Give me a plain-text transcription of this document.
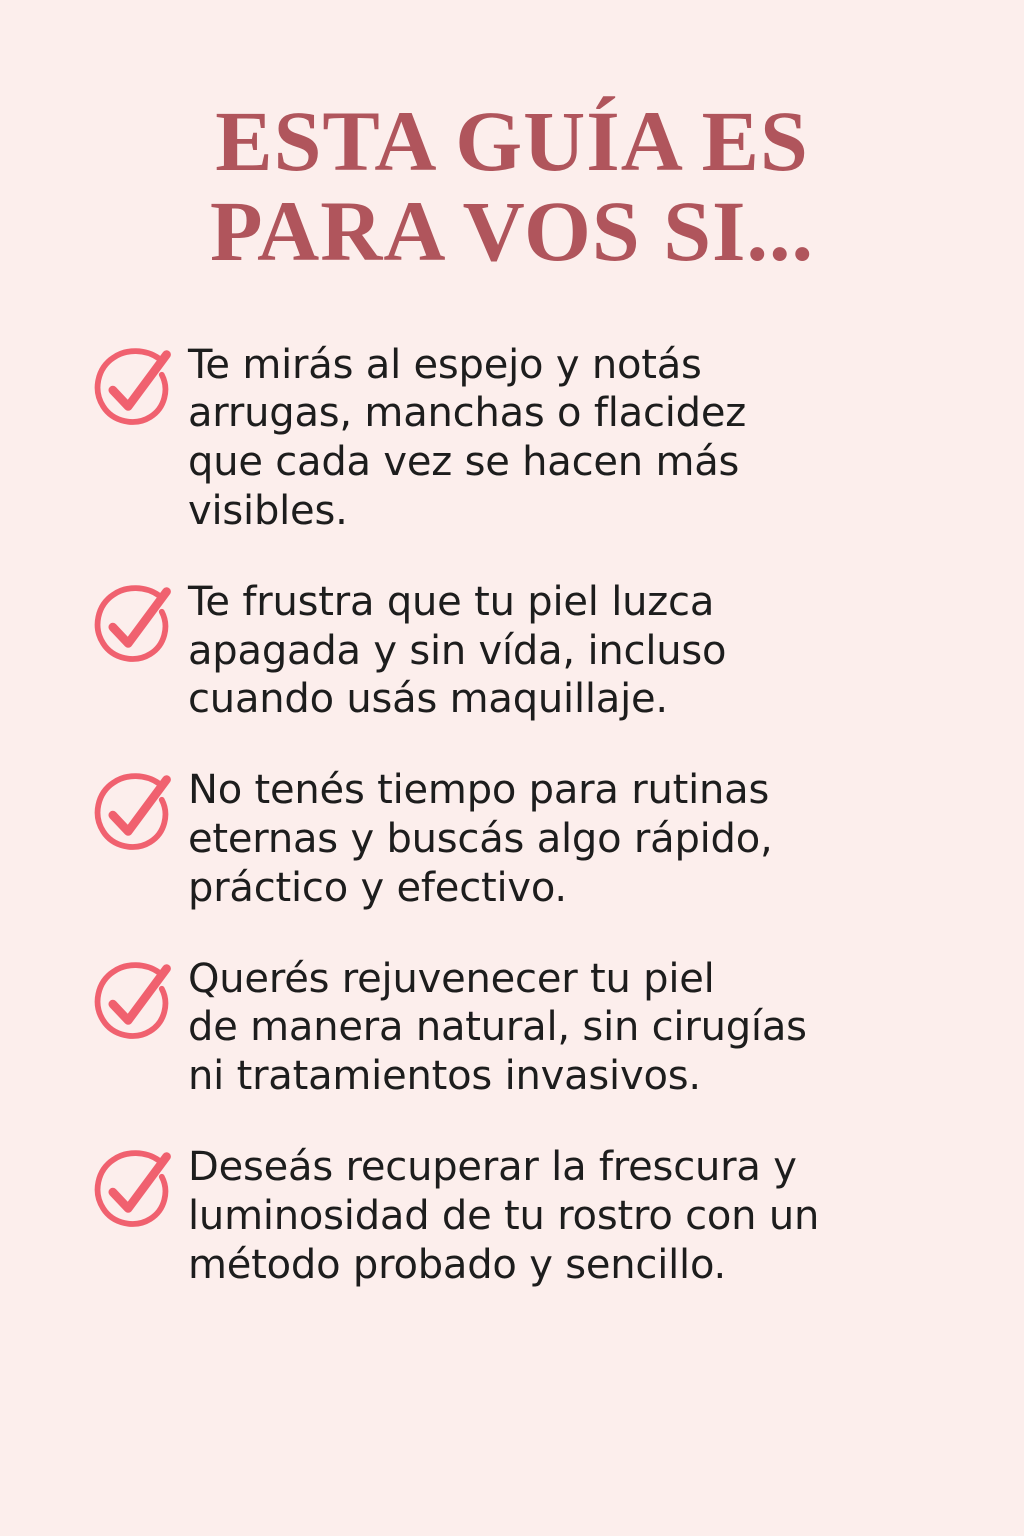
ESTA GUÍA ES
PARA VOS SI...
Te mirás al espejo y notás
arrugas, manchas o flacidez
que cada vez se hacen más
visibles.
Te frustra que tu piel luzca
apagada y sin vída, incluso
cuando usás maquillaje.
No tenés tiempo para rutinas
eternas y buscás algo rápido,
práctico y efectivo.
Querés rejuvenecer tu piel
de manera natural, sin cirugías
ni tratamientos invasivos.
Deseás recuperar la frescura y
luminosidad de tu rostro con un
método probado y sencillo.
